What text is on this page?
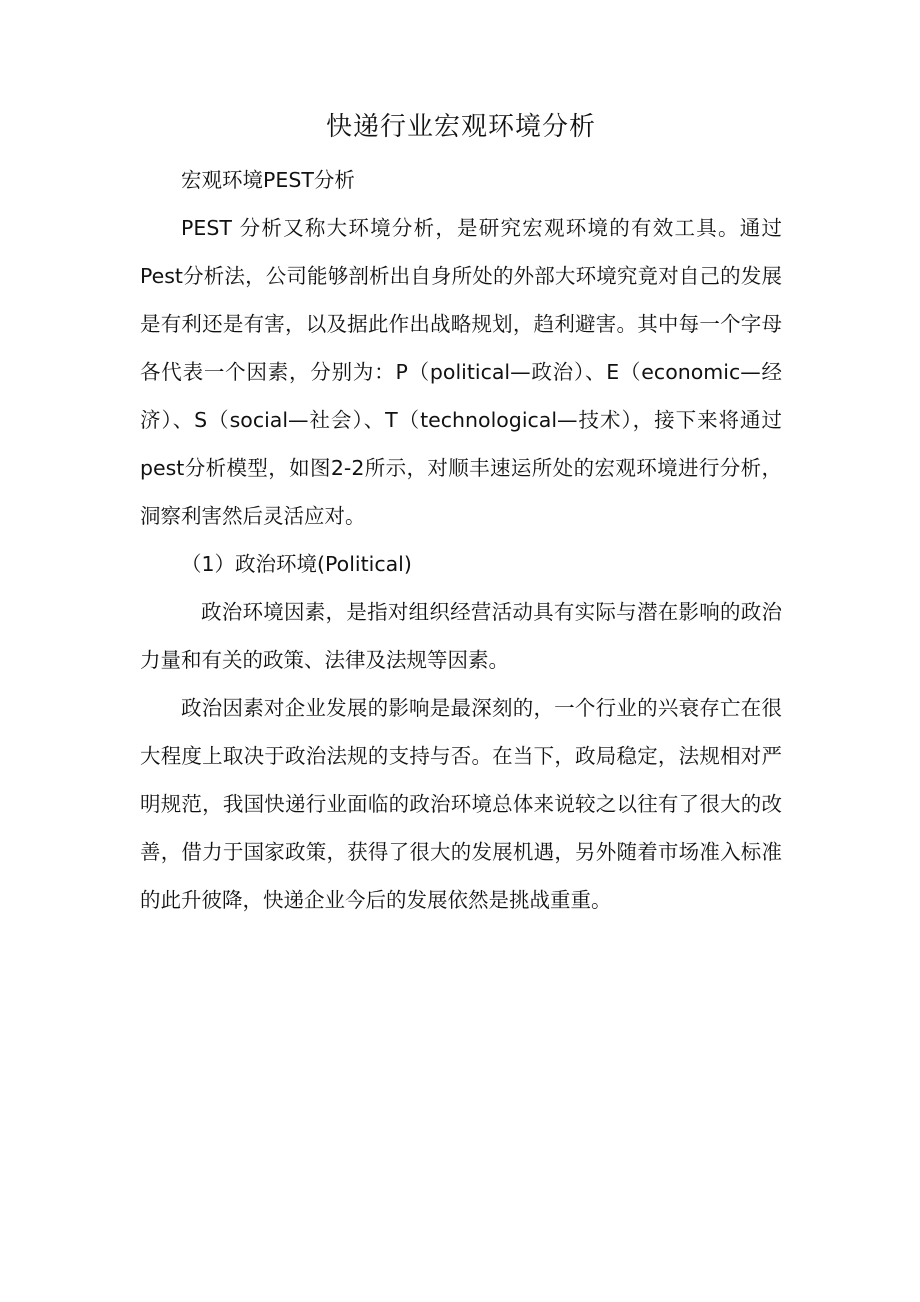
快递行业宏观环境分析

宏观环境PEST分析

PEST 分析又称大环境分析，是研究宏观环境的有效工具。通过Pest分析法，公司能够剖析出自身所处的外部大环境究竟对自己的发展是有利还是有害，以及据此作出战略规划，趋利避害。其中每一个字母各代表一个因素，分别为：P（political—政治）、E（economic—经济）、S（social—社会）、T（technological—技术），接下来将通过pest分析模型，如图2-2所示，对顺丰速运所处的宏观环境进行分析，洞察利害然后灵活应对。

（1）政治环境(Political)

政治环境因素，是指对组织经营活动具有实际与潜在影响的政治力量和有关的政策、法律及法规等因素。

政治因素对企业发展的影响是最深刻的，一个行业的兴衰存亡在很大程度上取决于政治法规的支持与否。在当下，政局稳定，法规相对严明规范，我国快递行业面临的政治环境总体来说较之以往有了很大的改善，借力于国家政策，获得了很大的发展机遇，另外随着市场准入标准的此升彼降，快递企业今后的发展依然是挑战重重。
